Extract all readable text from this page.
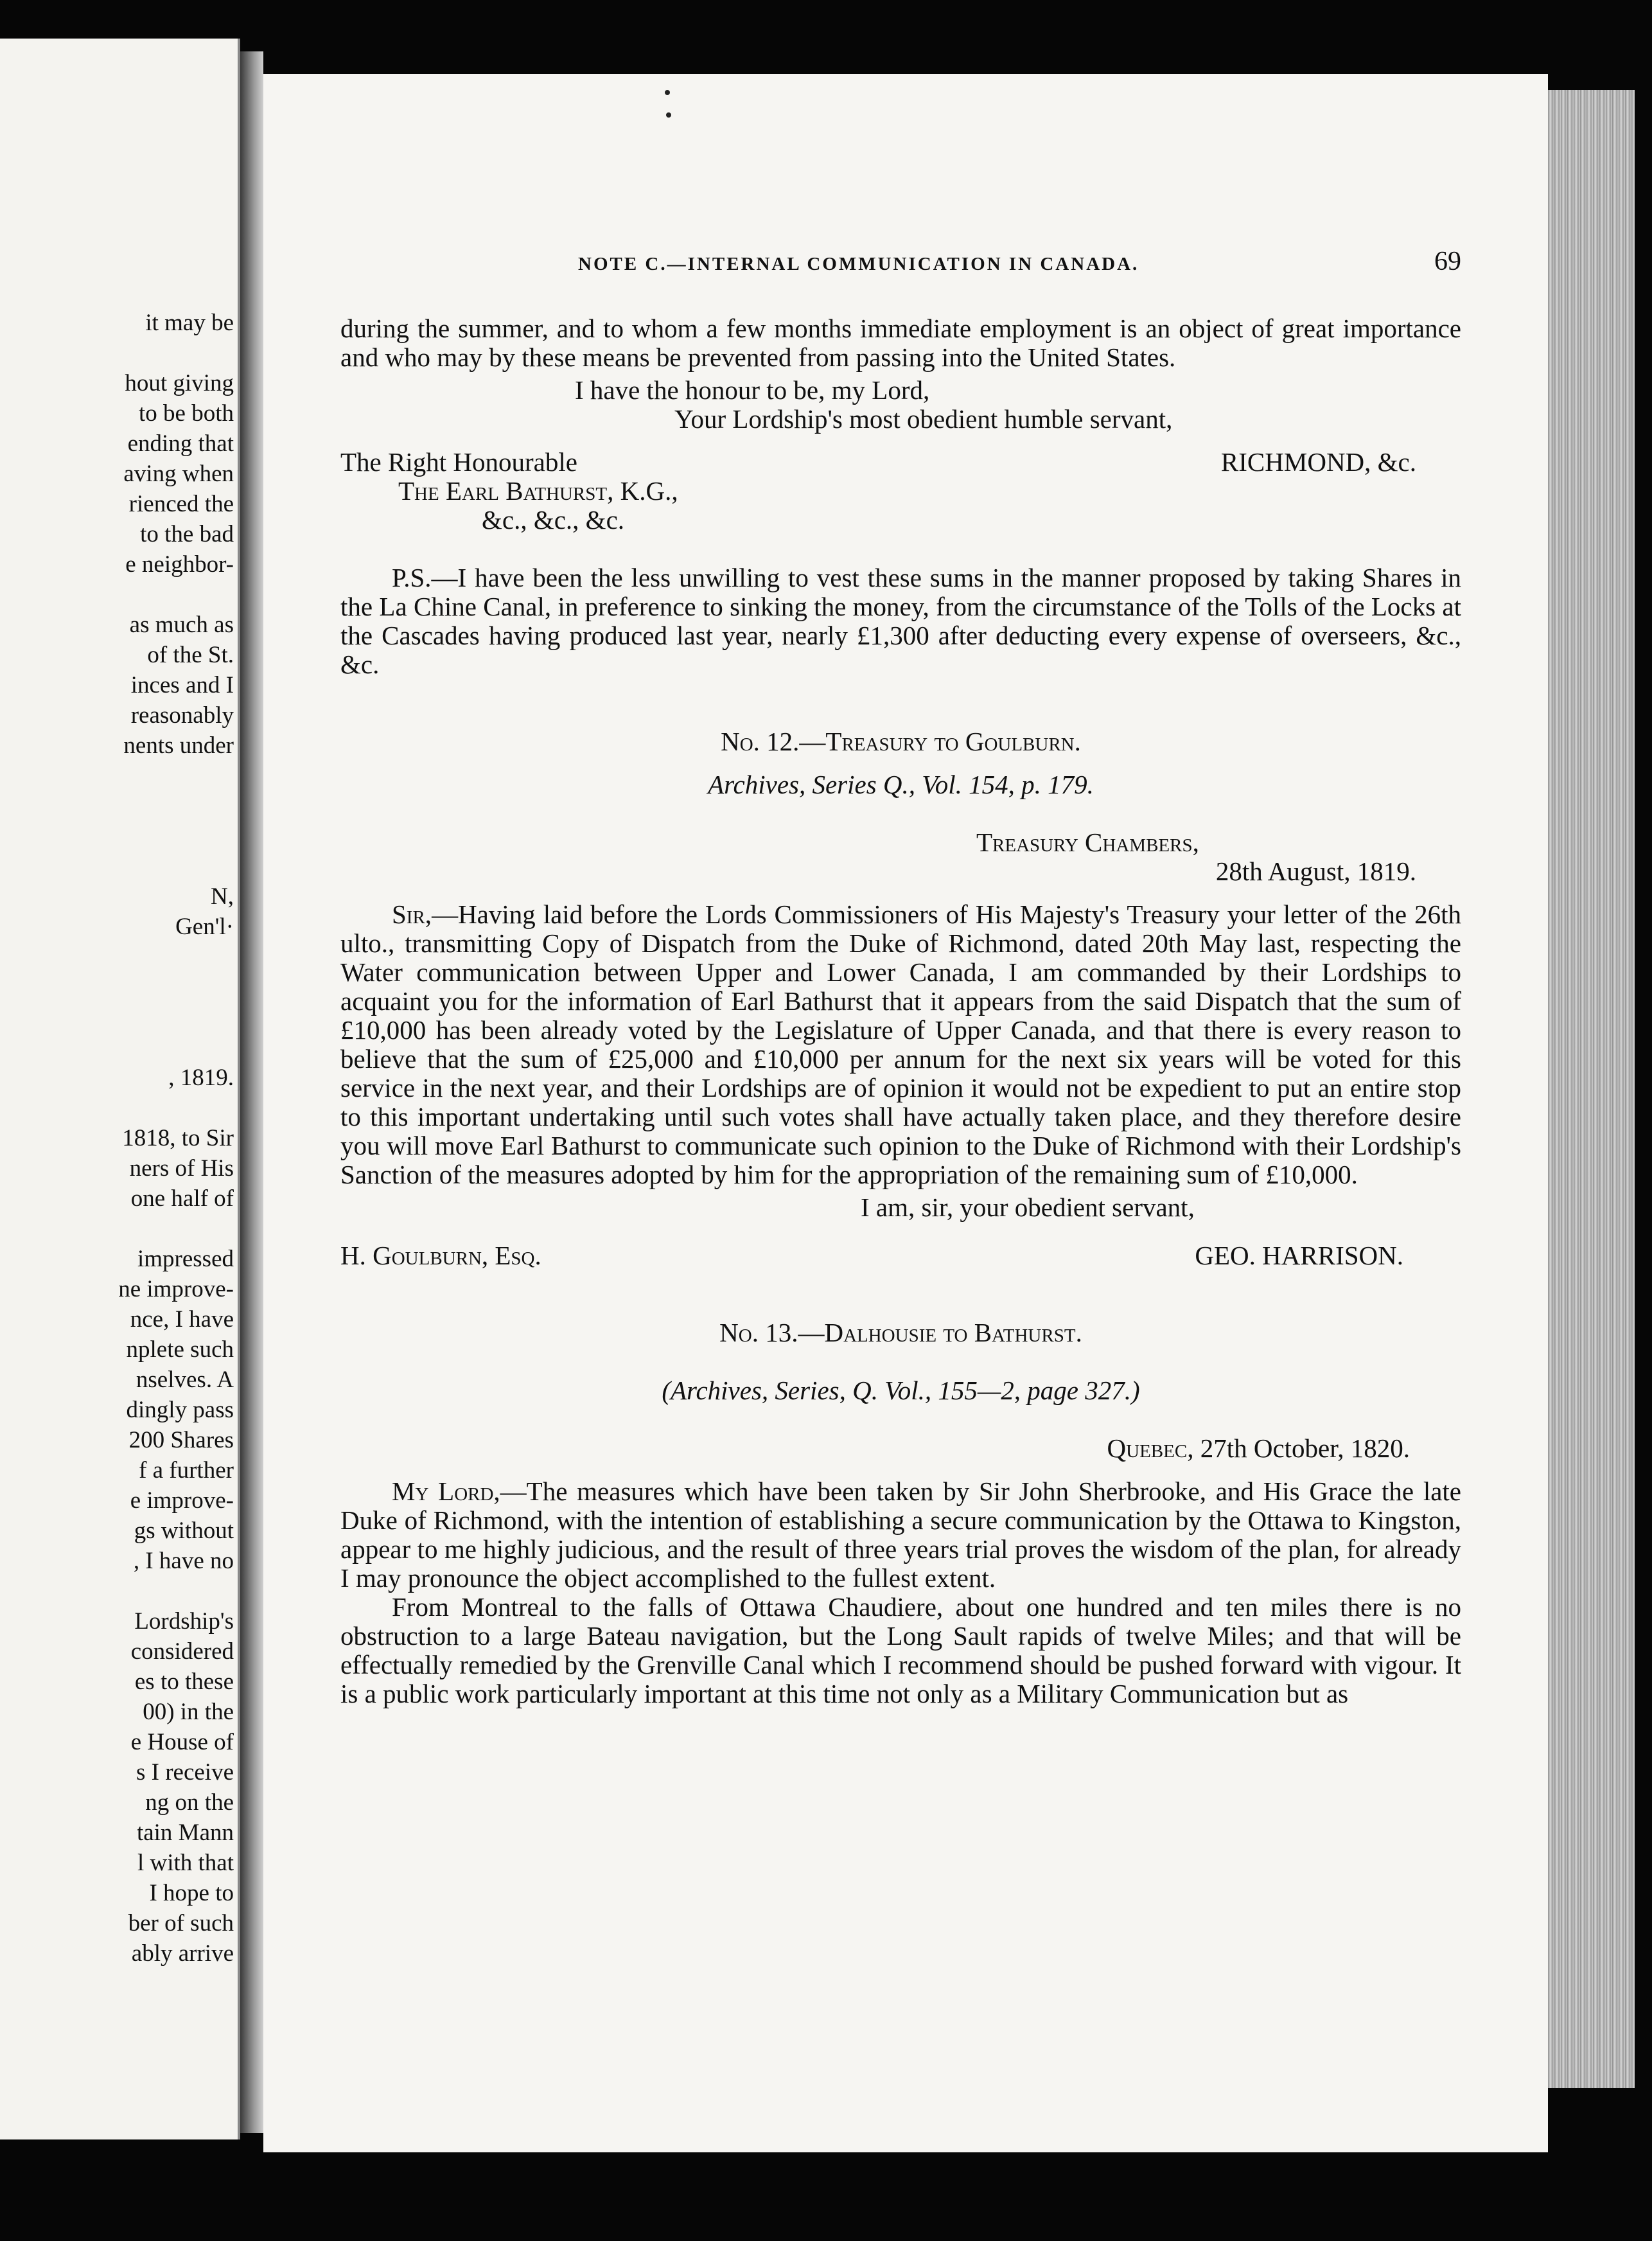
it may be
hout giving
to be both
ending that
aving when
rienced the
to the bad
e neighbor-
as much as
of the St.
inces and I
reasonably
nents under
N,
Gen'l·
, 1819.
1818, to Sir
ners of His
one half of
impressed
ne improve-
nce, I have
nplete such
nselves. A
dingly pass
200 Shares
f a further
e improve-
gs without
, I have no
Lordship's
considered
es to these
00) in the
e House of
s I receive
ng on the
tain Mann
l with that
I hope to
ber of such
ably arrive
NOTE C.—INTERNAL COMMUNICATION IN CANADA.	69
during the summer, and to whom a few months immediate employment is an object of great importance and who may by these means be prevented from passing into the United States.
I have the honour to be, my Lord,
Your Lordship's most obedient humble servant,
The Right Honourable	RICHMOND, &c.
The Earl Bathurst, K.G.,
&c., &c., &c.
P.S.—I have been the less unwilling to vest these sums in the manner proposed by taking Shares in the La Chine Canal, in preference to sinking the money, from the circumstance of the Tolls of the Locks at the Cascades having produced last year, nearly £1,300 after deducting every expense of overseers, &c., &c.
No. 12.—Treasury to Goulburn.
Archives, Series Q., Vol. 154, p. 179.
Treasury Chambers,
28th August, 1819.
Sir,—Having laid before the Lords Commissioners of His Majesty's Treasury your letter of the 26th ulto., transmitting Copy of Dispatch from the Duke of Richmond, dated 20th May last, respecting the Water communication between Upper and Lower Canada, I am commanded by their Lordships to acquaint you for the information of Earl Bathurst that it appears from the said Dispatch that the sum of £10,000 has been already voted by the Legislature of Upper Canada, and that there is every reason to believe that the sum of £25,000 and £10,000 per annum for the next six years will be voted for this service in the next year, and their Lordships are of opinion it would not be expedient to put an entire stop to this important undertaking until such votes shall have actually taken place, and they therefore desire you will move Earl Bathurst to communicate such opinion to the Duke of Richmond with their Lordship's Sanction of the measures adopted by him for the appropriation of the remaining sum of £10,000.
I am, sir, your obedient servant,
H. Goulburn, Esq.	GEO. HARRISON.
No. 13.—Dalhousie to Bathurst.
(Archives, Series, Q. Vol., 155—2, page 327.)
Quebec, 27th October, 1820.
My Lord,—The measures which have been taken by Sir John Sherbrooke, and His Grace the late Duke of Richmond, with the intention of establishing a secure communication by the Ottawa to Kingston, appear to me highly judicious, and the result of three years trial proves the wisdom of the plan, for already I may pronounce the object accomplished to the fullest extent.
From Montreal to the falls of Ottawa Chaudiere, about one hundred and ten miles there is no obstruction to a large Bateau navigation, but the Long Sault rapids of twelve Miles; and that will be effectually remedied by the Grenville Canal which I recommend should be pushed forward with vigour. It is a public work particularly important at this time not only as a Military Communication but as
